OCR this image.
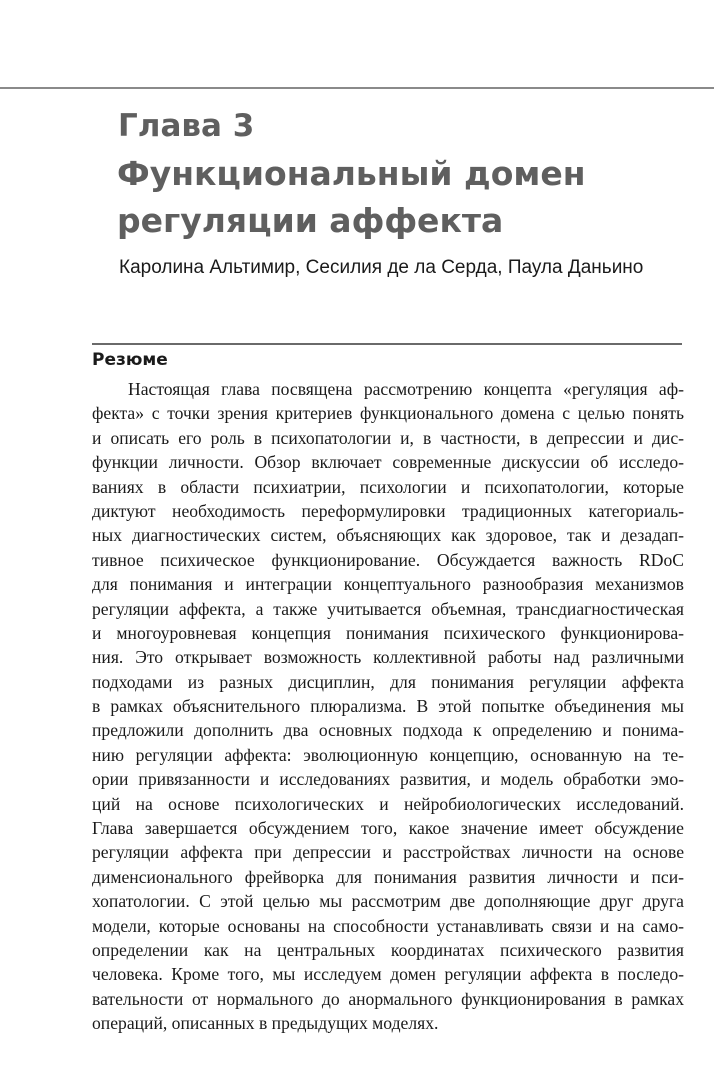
Глава 3
Функциональный домен
регуляции аффекта

Каролина Альтимир, Сесилия де ла Серда, Паула Даньино

Резюме
Настоящая глава посвящена рассмотрению концепта «регуляция аф-
фекта» с точки зрения критериев функционального домена с целью понять
и описать его роль в психопатологии и, в частности, в депрессии и дис-
функции личности. Обзор включает современные дискуссии об исследо-
ваниях в области психиатрии, психологии и психопатологии, которые
диктуют необходимость переформулировки традиционных категориаль-
ных диагностических систем, объясняющих как здоровое, так и дезадап-
тивное психическое функционирование. Обсуждается важность RDoC
для понимания и интеграции концептуального разнообразия механизмов
регуляции аффекта, а также учитывается объемная, трансдиагностическая
и многоуровневая концепция понимания психического функционирова-
ния. Это открывает возможность коллективной работы над различными
подходами из разных дисциплин, для понимания регуляции аффекта
в рамках объяснительного плюрализма. В этой попытке объединения мы
предложили дополнить два основных подхода к определению и понима-
нию регуляции аффекта: эволюционную концепцию, основанную на те-
ории привязанности и исследованиях развития, и модель обработки эмо-
ций на основе психологических и нейробиологических исследований.
Глава завершается обсуждением того, какое значение имеет обсуждение
регуляции аффекта при депрессии и расстройствах личности на основе
дименсионального фрейворка для понимания развития личности и пси-
хопатологии. С этой целью мы рассмотрим две дополняющие друг друга
модели, которые основаны на способности устанавливать связи и на само-
определении как на центральных координатах психического развития
человека. Кроме того, мы исследуем домен регуляции аффекта в последо-
вательности от нормального до анормального функционирования в рамках
операций, описанных в предыдущих моделях.
